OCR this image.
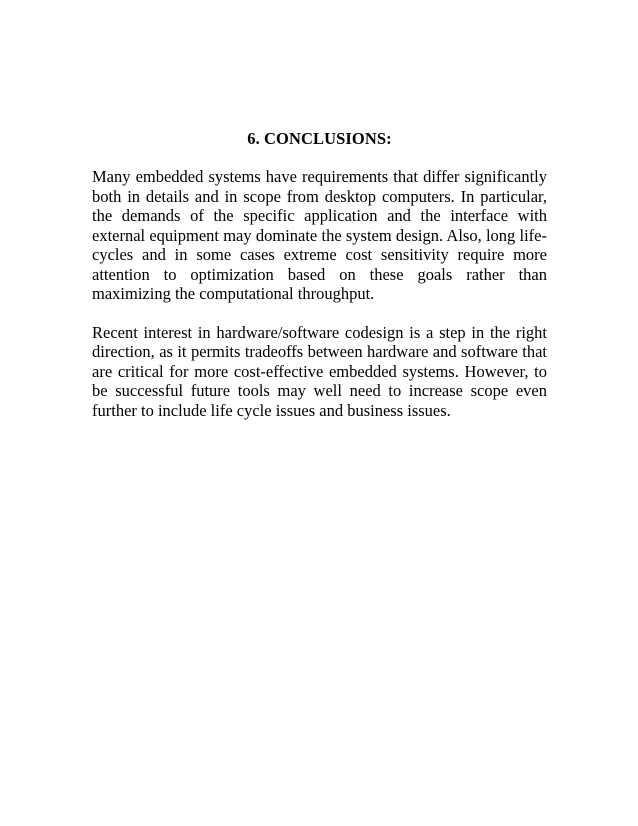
6. CONCLUSIONS:

Many embedded systems have requirements that differ significantly both in details and in scope from desktop computers. In particular, the demands of the specific application and the interface with external equipment may dominate the system design. Also, long life-cycles and in some cases extreme cost sensitivity require more attention to optimization based on these goals rather than maximizing the computational throughput.

Recent interest in hardware/software codesign is a step in the right direction, as it permits tradeoffs between hardware and software that are critical for more cost-effective embedded systems. However, to be successful future tools may well need to increase scope even further to include life cycle issues and business issues.
